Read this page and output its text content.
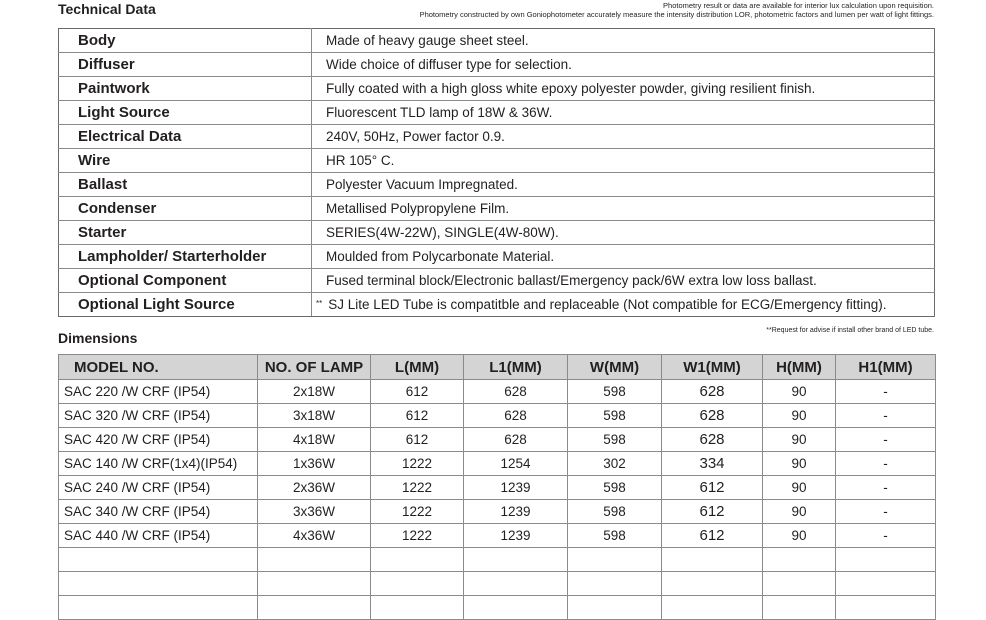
Technical Data	Photometry result or data are available for interior lux calculation upon requisition.
Photometry constructed by own Goniophotometer accurately measure the intensity distribution LOR, photometric factors and lumen per watt of light fittings.
Body	Made of heavy gauge sheet steel.
Diffuser	Wide choice of diffuser type for selection.
Paintwork	Fully coated with a high gloss white epoxy polyester powder, giving resilient finish.
Light Source	Fluorescent TLD lamp of 18W & 36W.
Electrical Data	240V, 50Hz, Power factor 0.9.
Wire	HR 105° C.
Ballast	Polyester Vacuum Impregnated.
Condenser	Metallised Polypropylene Film.
Starter	SERIES(4W-22W), SINGLE(4W-80W).
Lampholder/ Starterholder	Moulded from Polycarbonate Material.
Optional Component	Fused terminal block/Electronic ballast/Emergency pack/6W extra low loss ballast.
Optional Light Source	** SJ Lite LED Tube is compatitble and replaceable (Not compatible for ECG/Emergency fitting).
Dimensions	**Request for advise if install other brand of LED tube.
MODEL NO.	NO. OF LAMP	L(MM)	L1(MM)	W(MM)	W1(MM)	H(MM)	H1(MM)
SAC 220 /W CRF (IP54)	2x18W	612	628	598	628	90	-
SAC 320 /W CRF (IP54)	3x18W	612	628	598	628	90	-
SAC 420 /W CRF (IP54)	4x18W	612	628	598	628	90	-
SAC 140 /W CRF(1x4)(IP54)	1x36W	1222	1254	302	334	90	-
SAC 240 /W CRF (IP54)	2x36W	1222	1239	598	612	90	-
SAC 340 /W CRF (IP54)	3x36W	1222	1239	598	612	90	-
SAC 440 /W CRF (IP54)	4x36W	1222	1239	598	612	90	-
